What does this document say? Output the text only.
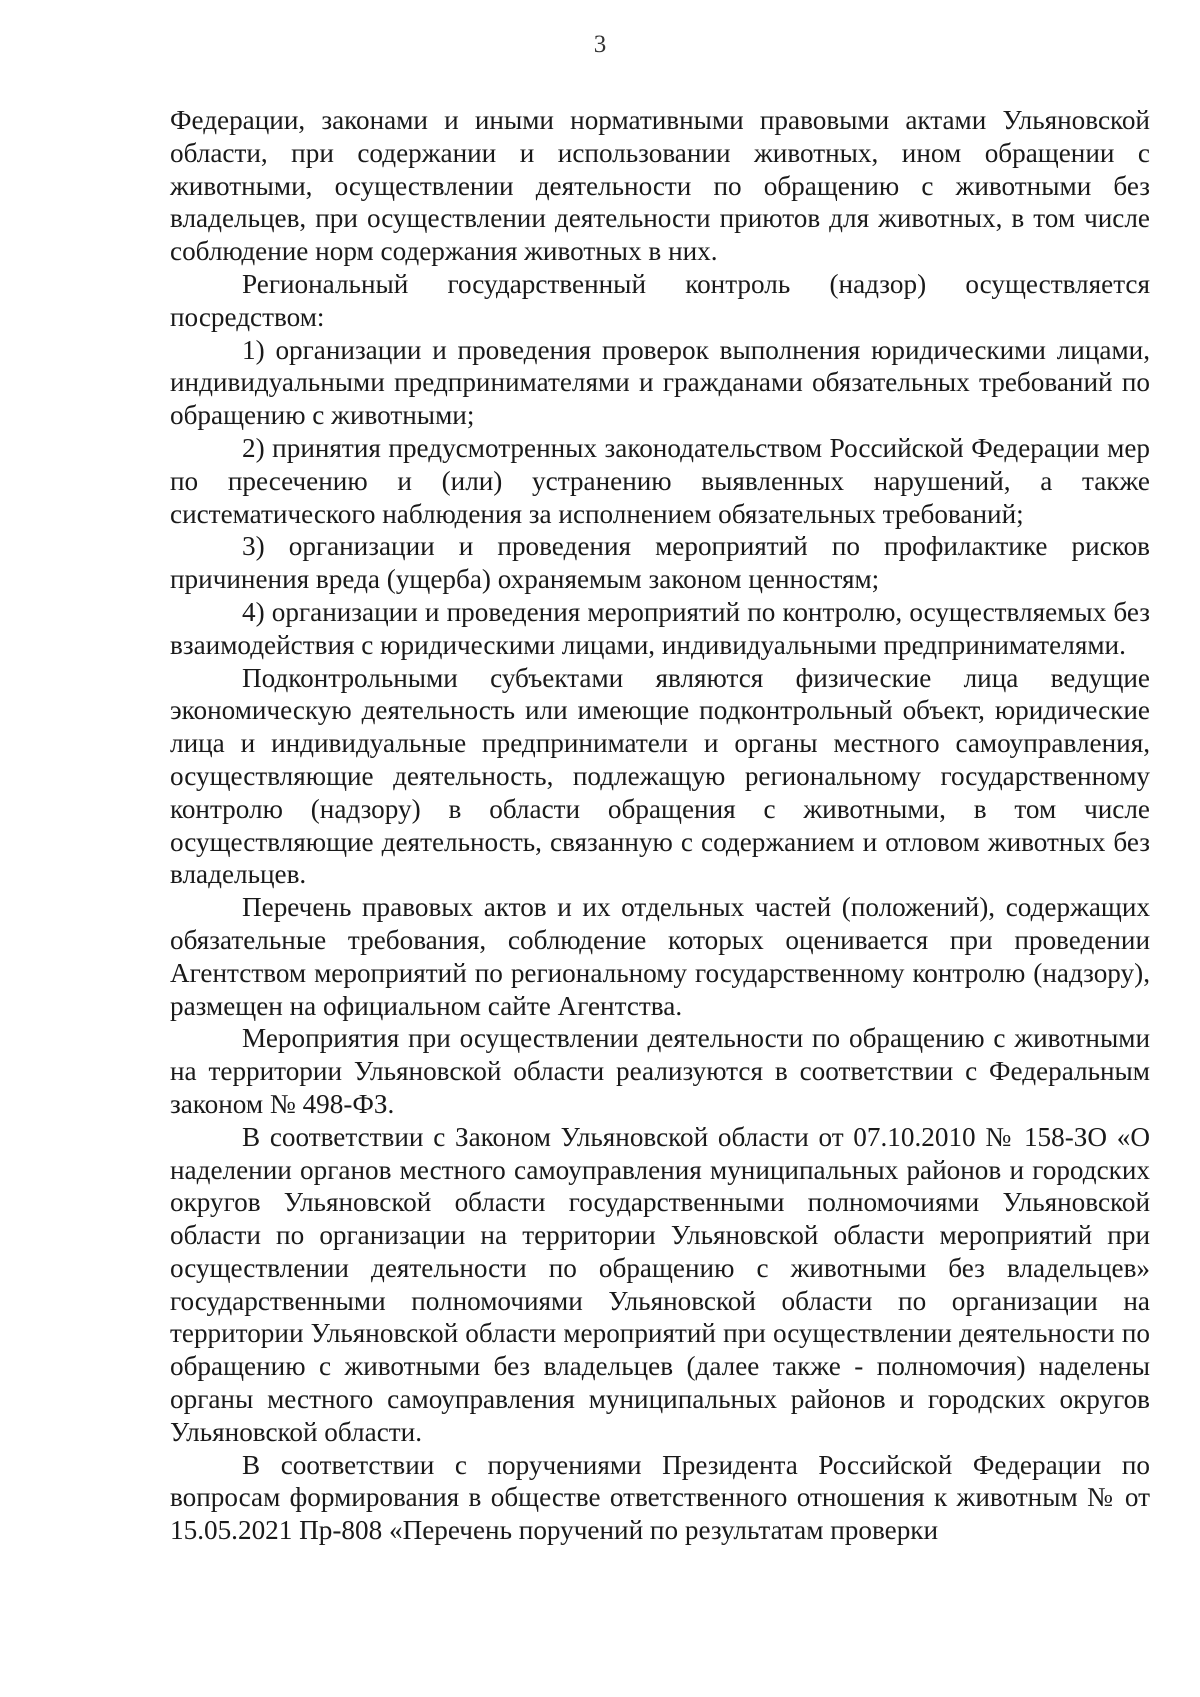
3

Федерации, законами и иными нормативными правовыми актами Ульяновской области, при содержании и использовании животных, ином обращении с животными, осуществлении деятельности по обращению с животными без владельцев, при осуществлении деятельности приютов для животных, в том числе соблюдение норм содержания животных в них.

Региональный государственный контроль (надзор) осуществляется посредством:

1) организации и проведения проверок выполнения юридическими лицами, индивидуальными предпринимателями и гражданами обязательных требований по обращению с животными;

2) принятия предусмотренных законодательством Российской Федерации мер по пресечению и (или) устранению выявленных нарушений, а также систематического наблюдения за исполнением обязательных требований;

3) организации и проведения мероприятий по профилактике рисков причинения вреда (ущерба) охраняемым законом ценностям;

4) организации и проведения мероприятий по контролю, осуществляемых без взаимодействия с юридическими лицами, индивидуальными предпринимателями.

Подконтрольными субъектами являются физические лица ведущие экономическую деятельность или имеющие подконтрольный объект, юридические лица и индивидуальные предприниматели и органы местного самоуправления, осуществляющие деятельность, подлежащую региональному государственному контролю (надзору) в области обращения с животными, в том числе осуществляющие деятельность, связанную с содержанием и отловом животных без владельцев.

Перечень правовых актов и их отдельных частей (положений), содержащих обязательные требования, соблюдение которых оценивается при проведении Агентством мероприятий по региональному государственному контролю (надзору), размещен на официальном сайте Агентства.

Мероприятия при осуществлении деятельности по обращению с животными на территории Ульяновской области реализуются в соответствии с Федеральным законом № 498-ФЗ.

В соответствии с Законом Ульяновской области от 07.10.2010 № 158-ЗО «О наделении органов местного самоуправления муниципальных районов и городских округов Ульяновской области государственными полномочиями Ульяновской области по организации на территории Ульяновской области мероприятий при осуществлении деятельности по обращению с животными без владельцев» государственными полномочиями Ульяновской области по организации на территории Ульяновской области мероприятий при осуществлении деятельности по обращению с животными без владельцев (далее также - полномочия) наделены органы местного самоуправления муниципальных районов и городских округов Ульяновской области.

В соответствии с поручениями Президента Российской Федерации по вопросам формирования в обществе ответственного отношения к животным № от 15.05.2021 Пр-808 «Перечень поручений по результатам проверки
